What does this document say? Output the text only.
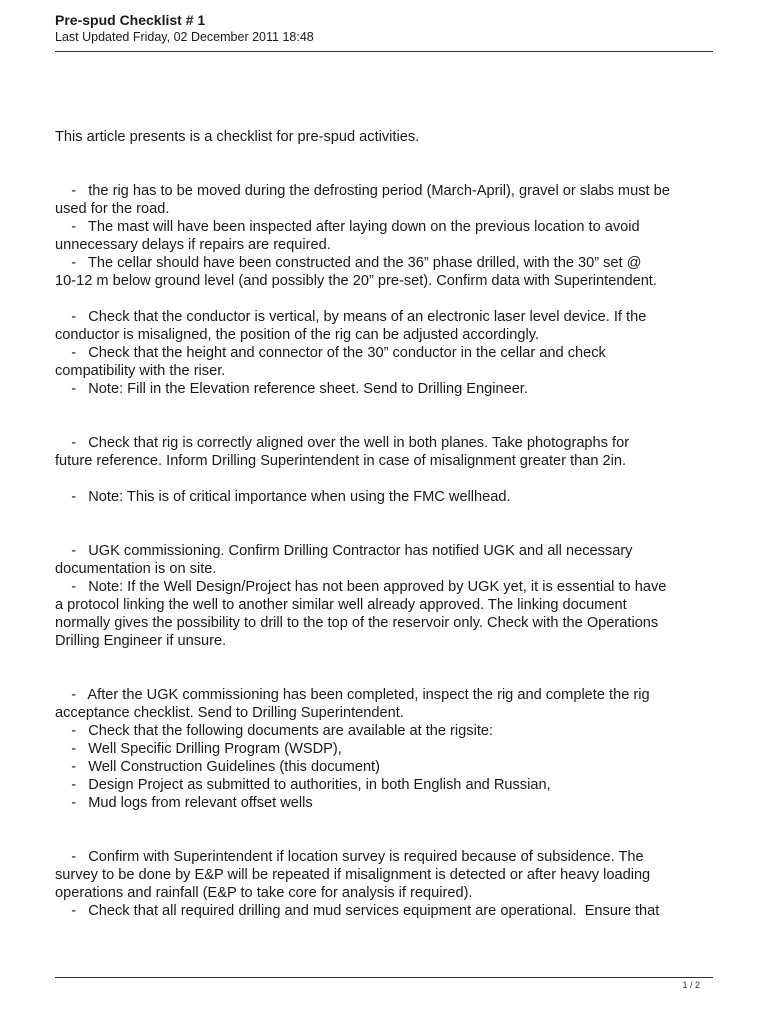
Pre-spud Checklist # 1
Last Updated Friday, 02 December 2011 18:48

This article presents is a checklist for pre-spud activities.

-   the rig has to be moved during the defrosting period (March-April), gravel or slabs must be

used for the road.

-   The mast will have been inspected after laying down on the previous location to avoid

unnecessary delays if repairs are required.

-   The cellar should have been constructed and the 36” phase drilled, with the 30” set @

10-12 m below ground level (and possibly the 20” pre-set). Confirm data with Superintendent.

-   Check that the conductor is vertical, by means of an electronic laser level device. If the

conductor is misaligned, the position of the rig can be adjusted accordingly.

-   Check that the height and connector of the 30” conductor in the cellar and check

compatibility with the riser.

-   Note: Fill in the Elevation reference sheet. Send to Drilling Engineer.

-   Check that rig is correctly aligned over the well in both planes. Take photographs for

future reference. Inform Drilling Superintendent in case of misalignment greater than 2in.

-   Note: This is of critical importance when using the FMC wellhead.

-   UGK commissioning. Confirm Drilling Contractor has notified UGK and all necessary

documentation is on site.

-   Note: If the Well Design/Project has not been approved by UGK yet, it is essential to have

a protocol linking the well to another similar well already approved. The linking document

normally gives the possibility to drill to the top of the reservoir only. Check with the Operations

Drilling Engineer if unsure.

-   After the UGK commissioning has been completed, inspect the rig and complete the rig

acceptance checklist. Send to Drilling Superintendent.

-   Check that the following documents are available at the rigsite:

-   Well Specific Drilling Program (WSDP),

-   Well Construction Guidelines (this document)

-   Design Project as submitted to authorities, in both English and Russian,

-   Mud logs from relevant offset wells

-   Confirm with Superintendent if location survey is required because of subsidence. The

survey to be done by E&P will be repeated if misalignment is detected or after heavy loading

operations and rainfall (E&P to take core for analysis if required).

-   Check that all required drilling and mud services equipment are operational.  Ensure that

1 / 2
